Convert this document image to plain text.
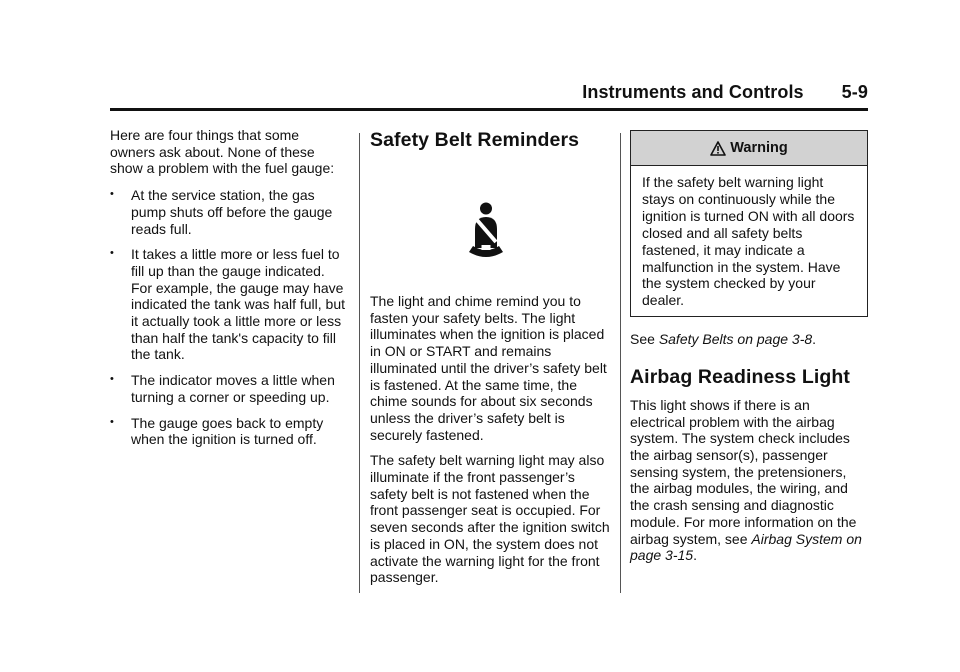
Instruments and Controls 5-9

Here are four things that some owners ask about. None of these show a problem with the fuel gauge:

• At the service station, the gas pump shuts off before the gauge reads full.
• It takes a little more or less fuel to fill up than the gauge indicated. For example, the gauge may have indicated the tank was half full, but it actually took a little more or less than half the tank's capacity to fill the tank.
• The indicator moves a little when turning a corner or speeding up.
• The gauge goes back to empty when the ignition is turned off.
Safety Belt Reminders

The light and chime remind you to fasten your safety belts. The light illuminates when the ignition is placed in ON or START and remains illuminated until the driver’s safety belt is fastened. At the same time, the chime sounds for about six seconds unless the driver’s safety belt is securely fastened.

The safety belt warning light may also illuminate if the front passenger’s safety belt is not fastened when the front passenger seat is occupied. For seven seconds after the ignition switch is placed in ON, the system does not activate the warning light for the front passenger.

Warning
If the safety belt warning light stays on continuously while the ignition is turned ON with all doors closed and all safety belts fastened, it may indicate a malfunction in the system. Have the system checked by your dealer.

See Safety Belts on page 3-8.

Airbag Readiness Light

This light shows if there is an electrical problem with the airbag system. The system check includes the airbag sensor(s), passenger sensing system, the pretensioners, the airbag modules, the wiring, and the crash sensing and diagnostic module. For more information on the airbag system, see Airbag System on page 3-15.
